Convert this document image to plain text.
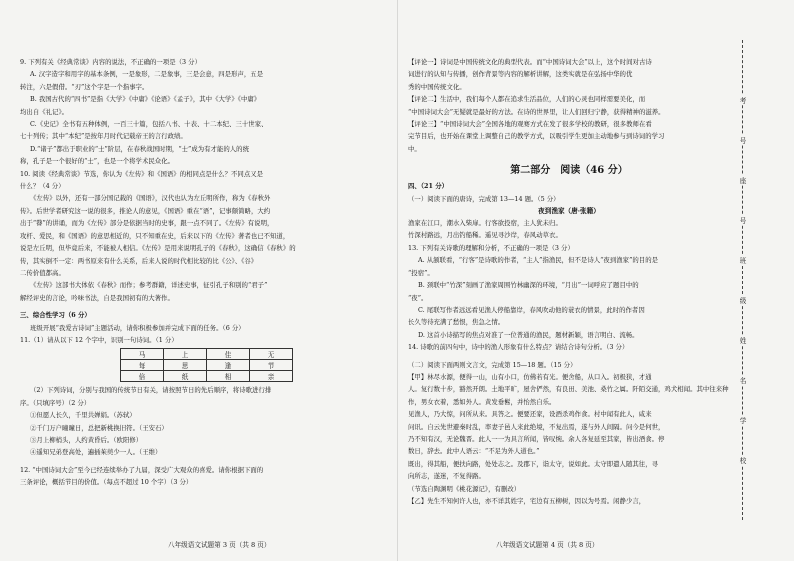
9. 下列有关《经典常谈》内容的说法，不正确的一项是（3 分）
A. 汉字造字和用字的基本条例，一是象形，二是象事，三是会意，四是形声，五是
转注，六是假借。“刃”这个字是一个指事字。
B. 我国古代的“四书”是指《大学》《中庸》《论语》《孟子》，其中《大学》《中庸》
均出自《礼记》。
C.《史记》全书有五种体例，一百三十篇，包括八书、十表、十二本纪、三十世家、
七十列传；其中“本纪”是按年月时代记载帝王的言行政绩。
D.“诸子”都出于职业的“士”阶层，在春秋战国时期，“士”成为有才能的人的统
称，孔子是一个很好的“士”，也是一个将学术民众化。
10. 阅读《经典常谈》节选，你认为《左传》和《国语》的相同点是什么？不同点又是
什么？（4 分）
《左传》以外，还有一部分国记载的《国语》，汉代也认为左丘明所作，称为《春秋外
传》。后世学者研究这一说的很多，推论人的意见，《国语》重在“语”，记事颇简略，大约
出于“瞽”的讲诵，而为《左传》部分是依据当时的史事，跟一点不同了。《左传》有说明，
攻杆、爱民，和《国语》的意思相近的，只不知重在史，后来以下的《左传》著者也已不知道，
说是左丘明，但毕竟后来，不能被人相信。《左传》是用来说明孔子的《春秋》，这确信《春秋》的
传，其实倒不一定：两书原来有什么关系，后来人说的时代相比较的比《公》、《谷》
二传价值都高。
《左传》这部书大体依《春秋》而作；参考群籍，详述史事，征引孔子和别的“君子”
解经评史的言论，吟味书法，自是我国初有的大著作。

三、综合性学习（6 分）
班级开展“我爱古诗词”主题活动，请你积极参加并完成下面的任务。（6 分）
11.（1）请从以下 12 个字中，识别一句诗词。（1 分）
马	上	佳	无
每	思	逢	节
倍	纸	相	亲
（2）下列诗词，分别与我国的传统节日有关，请按照节日的先后顺序，将诗歌进行排
序。（只填序号）（2 分）
①但愿人长久，千里共婵娟。（苏轼）
②千门万户曈曈日，总把新桃换旧符。（王安石）
③月上柳梢头，人约黄昏后。（欧阳修）
④遥知兄弟登高处，遍插茱萸少一人。（王维）

12. “中国诗词大会”至今已经连续举办了九届，深受广大观众的喜爱。请你根据下面的
三条评论，概括节目的价值。（每点不超过 10 个字）（3 分）
八年级语文试题第 3 页（共 8 页）
【评论一】诗词是中国传统文化的典型代表。而“中国诗词大会”以上，这个时间对古诗
词进行的认知与传播，创作背景等内容的解析讲解，这类实就是在弘扬中华的优
秀的中国传统文化。
【评论二】生活中，我们每个人都在追求生活品位，人们的心灵也同样需要美化，而
“中国诗词大会”无疑就是最好的方法。在诗的世界里，让人们回归宁静，获得精神的滋养。
【评论三】“中国诗词大会”全国各地的观赛方式在发了很多学校的教研，很多教师在看
完节目后，也开始在课堂上调整自己的教学方式，以吸引学生更加主动地参与到诗词的学习
中。
第二部分　阅读（46 分）
四、（21 分）
（一）阅读下面的唐诗，完成第 13—14 题。（5 分）
夜到渔家（唐·张籍）
渔家在江口，潮水入柴扉。行客欲投宿，主人犹未归。
竹深村路远，月出钓船稀。遥见寻沙岸，春风动草衣。
13. 下列有关诗歌的理解和分析，不正确的一项是（3 分）
A. 从颔联看，“行客”是诗歌的作者，“主人”指渔民，但不是诗人“夜到渔家”的目的是
“投宿”。
B. 颈联中“竹深”刻画了渔家周围竹林幽深的环境，“月出”一词呼应了题目中的
“夜”。
C. 尾联写作者远远看见渔人停船靠岸，春风吹动他的蓑衣的情景，此时的作者因
长久等待充满了愁恨，焦急之情。
D. 这首小诗描写的焦点对准了一位普通的渔民，题材新颖，语言明白、流畅。
14. 诗歌的前四句中，诗中的渔人形象有什么特点？请结合诗句分析。（3 分）

（二）阅读下面两则文言文，完成第 15—18 题。（15 分）
【甲】林尽水源，便得一山，山有小口，仿佛若有光。便舍船，从口入。初极狭，才通
人。复行数十步，豁然开朗。土地平旷，屋舍俨然，有良田、美池、桑竹之属。阡陌交通，鸡犬相闻。其中往来种
作，男女衣着，悉如外人。黄发垂髫，并怡然自乐。
见渔人，乃大惊，问所从来。具答之。便要还家，设酒杀鸡作食。村中闻有此人，咸来
问讯。自云先世避秦时乱，率妻子邑人来此绝境，不复出焉，遂与外人间隔。问今是何世，
乃不知有汉，无论魏晋。此人一一为具言所闻，皆叹惋。余人各复延至其家，皆出酒食。停
数日，辞去。此中人语云：“不足为外人道也。”
既出，得其船，便扶向路，处处志之。及郡下，诣太守，说如此。太守即遣人随其往，寻
向所志，遂迷，不复得路。
（节选自陶渊明《桃花源记》，有删改）
【乙】先生不知何许人也，亦不详其姓字，宅边有五柳树，因以为号焉。闲静少言，
八年级语文试题第 4 页（共 8 页）
考
号
座
号
班
级
姓
名
学
校
